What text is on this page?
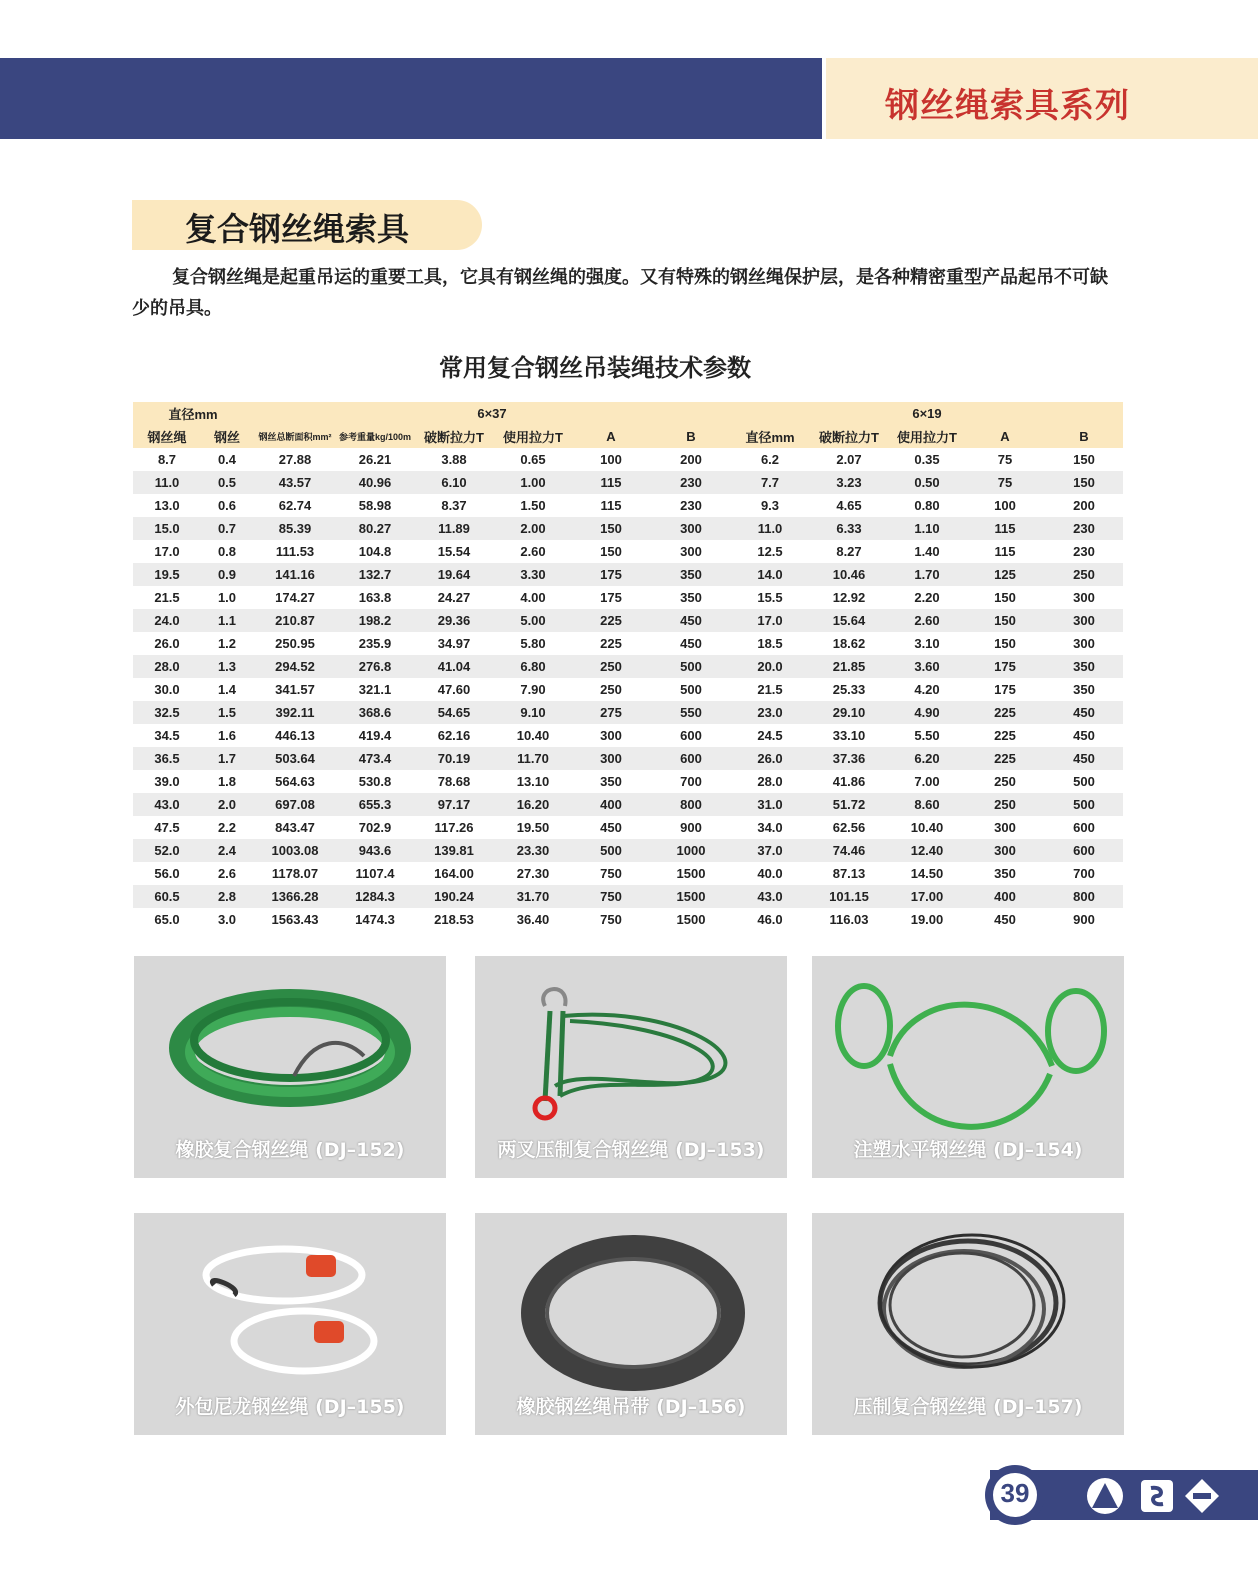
钢丝绳索具系列
复合钢丝绳索具
复合钢丝绳是起重吊运的重要工具，它具有钢丝绳的强度。又有特殊的钢丝绳保护层，是各种精密重型产品起吊不可缺少的吊具。
常用复合钢丝吊装绳技术参数
直径mm		6×37						6×19				
钢丝绳	钢丝	钢丝总断面积mm²	参考重量kg/100m	破断拉力T	使用拉力T	A	B	直径mm	破断拉力T	使用拉力T	A	B
8.7	0.4	27.88	26.21	3.88	0.65	100	200	6.2	2.07	0.35	75	150
11.0	0.5	43.57	40.96	6.10	1.00	115	230	7.7	3.23	0.50	75	150
13.0	0.6	62.74	58.98	8.37	1.50	115	230	9.3	4.65	0.80	100	200
15.0	0.7	85.39	80.27	11.89	2.00	150	300	11.0	6.33	1.10	115	230
17.0	0.8	111.53	104.8	15.54	2.60	150	300	12.5	8.27	1.40	115	230
19.5	0.9	141.16	132.7	19.64	3.30	175	350	14.0	10.46	1.70	125	250
21.5	1.0	174.27	163.8	24.27	4.00	175	350	15.5	12.92	2.20	150	300
24.0	1.1	210.87	198.2	29.36	5.00	225	450	17.0	15.64	2.60	150	300
26.0	1.2	250.95	235.9	34.97	5.80	225	450	18.5	18.62	3.10	150	300
28.0	1.3	294.52	276.8	41.04	6.80	250	500	20.0	21.85	3.60	175	350
30.0	1.4	341.57	321.1	47.60	7.90	250	500	21.5	25.33	4.20	175	350
32.5	1.5	392.11	368.6	54.65	9.10	275	550	23.0	29.10	4.90	225	450
34.5	1.6	446.13	419.4	62.16	10.40	300	600	24.5	33.10	5.50	225	450
36.5	1.7	503.64	473.4	70.19	11.70	300	600	26.0	37.36	6.20	225	450
39.0	1.8	564.63	530.8	78.68	13.10	350	700	28.0	41.86	7.00	250	500
43.0	2.0	697.08	655.3	97.17	16.20	400	800	31.0	51.72	8.60	250	500
47.5	2.2	843.47	702.9	117.26	19.50	450	900	34.0	62.56	10.40	300	600
52.0	2.4	1003.08	943.6	139.81	23.30	500	1000	37.0	74.46	12.40	300	600
56.0	2.6	1178.07	1107.4	164.00	27.30	750	1500	40.0	87.13	14.50	350	700
60.5	2.8	1366.28	1284.3	190.24	31.70	750	1500	43.0	101.15	17.00	400	800
65.0	3.0	1563.43	1474.3	218.53	36.40	750	1500	46.0	116.03	19.00	450	900
橡胶复合钢丝绳 (DJ–152)	两叉压制复合钢丝绳 (DJ–153)	注塑水平钢丝绳 (DJ–154)
外包尼龙钢丝绳 (DJ–155)	橡胶钢丝绳吊带 (DJ–156)	压制复合钢丝绳 (DJ–157)
39
